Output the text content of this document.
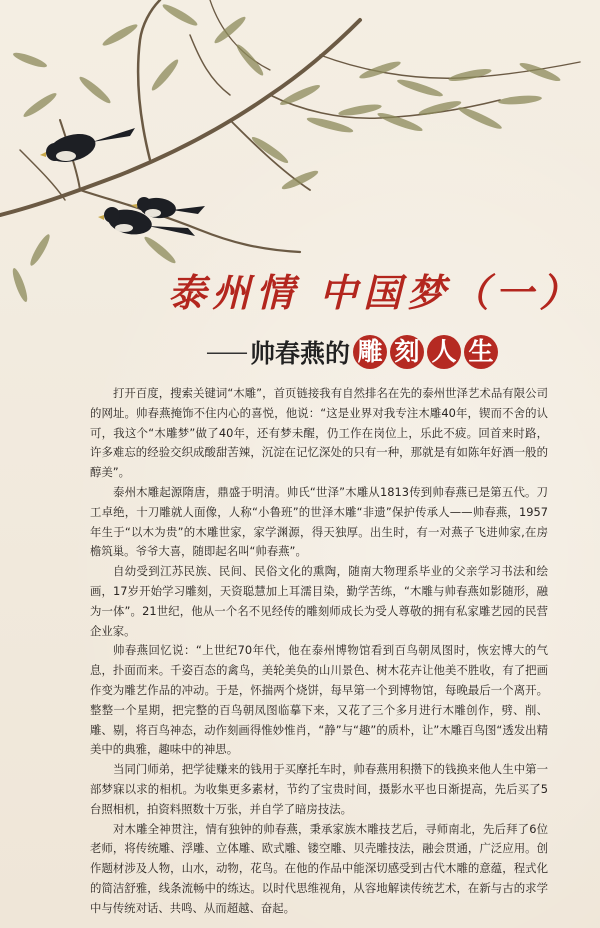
泰州情 中国梦（一）
—— 帅春燕的 雕 刻 人 生

打开百度，搜索关键词“木雕”，首页链接我有自然排名在先的泰州世泽艺术品有限公司的网址。帅春燕掩饰不住内心的喜悦，他说：“这是业界对我专注木雕40年，锲而不舍的认可，我这个“木雕梦”做了40年，还有梦未醒，仍工作在岗位上，乐此不疲。回首来时路，许多难忘的经验交织成酸甜苦辣，沉淀在记忆深处的只有一种，那就是有如陈年好酒一般的醇美”。

泰州木雕起源隋唐，鼎盛于明清。帅氏“世泽”木雕从1813传到帅春燕已是第五代。刀工卓绝，十刀雕就人面像，人称“小鲁班”的世泽木雕“非遗”保护传承人——帅春燕，1957年生于“以木为贵”的木雕世家，家学渊源，得天独厚。出生时，有一对燕子飞进帅家,在房檐筑巢。爷爷大喜，随即起名叫“帅春燕”。

自幼受到江苏民族、民间、民俗文化的熏陶，随南大物理系毕业的父亲学习书法和绘画，17岁开始学习雕刻，天资聪慧加上耳濡目染，勤学苦练，“木雕与帅春燕如影随形，融为一体”。21世纪，他从一个名不见经传的雕刻师成长为受人尊敬的拥有私家雕艺园的民营企业家。

帅春燕回忆说：“上世纪70年代，他在泰州博物馆看到百鸟朝凤图时，恢宏博大的气息，扑面而来。千姿百态的禽鸟，美轮美奂的山川景色、树木花卉让他美不胜收，有了把画作变为雕艺作品的冲动。于是，怀揣两个烧饼，每早第一个到博物馆，每晚最后一个离开。整整一个星期，把完整的百鸟朝凤图临摹下来，又花了三个多月进行木雕创作，劈、削、雕、剔，将百鸟神态，动作刻画得惟妙惟肖，“静”与“趣”的质朴，让”木雕百鸟图“透发出精美中的典雅，趣味中的神思。

当同门师弟，把学徒赚来的钱用于买摩托车时，帅春燕用积攒下的钱换来他人生中第一部梦寐以求的相机。为收集更多素材，节约了宝贵时间，摄影水平也日渐提高，先后买了5台照相机，拍资料照数十万张，并自学了暗房技法。

对木雕全神贯注，情有独钟的帅春燕，秉承家族木雕技艺后，寻师南北，先后拜了6位老师，将传统雕、浮雕、立体雕、欧式雕、镂空雕、贝壳雕技法，融会贯通，广泛应用。创作题材涉及人物，山水，动物，花鸟。在他的作品中能深切感受到古代木雕的意蕴，程式化的简洁舒雅，线条流畅中的练达。以时代思维视角，从容地解读传统艺术，在新与古的求学中与传统对话、共鸣、从而超越、奋起。
